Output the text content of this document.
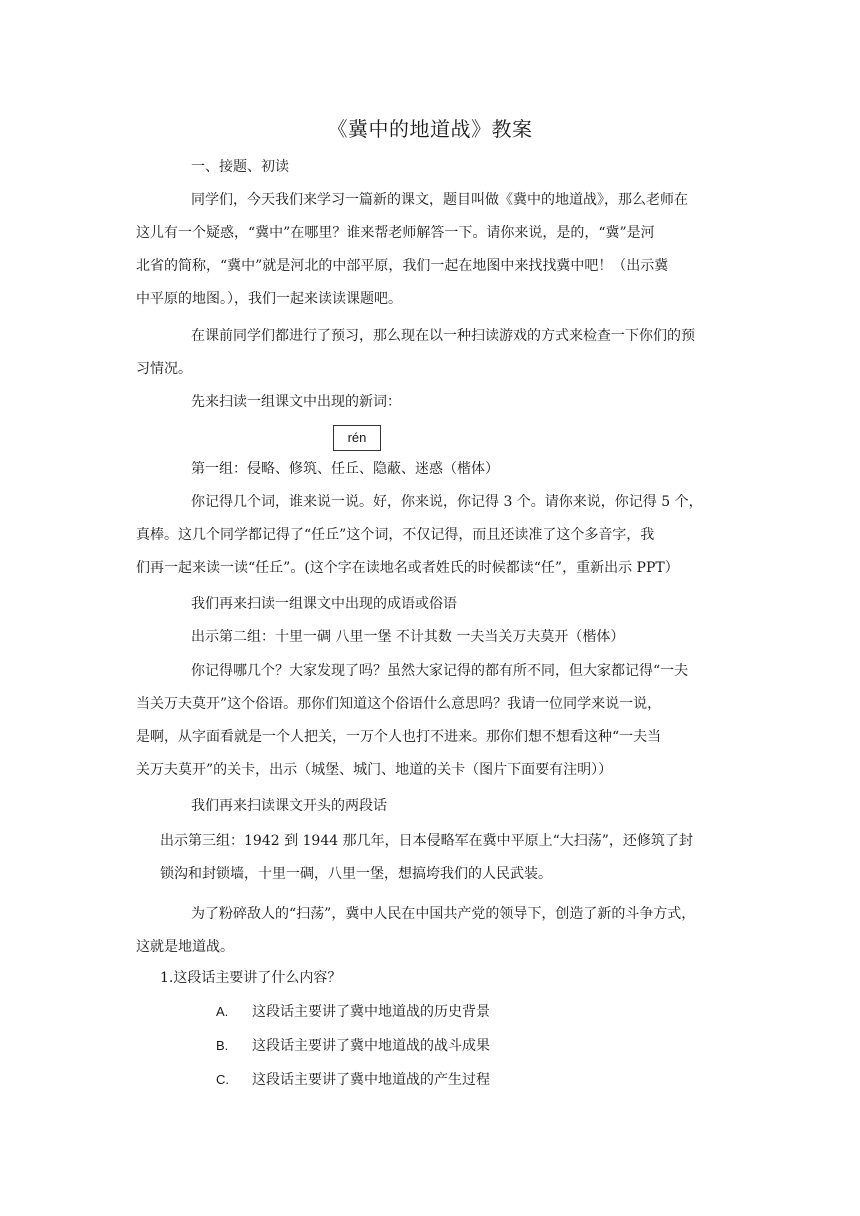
《冀中的地道战》教案
一、接题、初读
同学们，今天我们来学习一篇新的课文，题目叫做《冀中的地道战》，那么老师在
这儿有一个疑惑，“冀中”在哪里？谁来帮老师解答一下。请你来说，是的，“冀”是河
北省的简称，“冀中”就是河北的中部平原，我们一起在地图中来找找冀中吧！（出示冀
中平原的地图。），我们一起来读读课题吧。
在课前同学们都进行了预习，那么现在以一种扫读游戏的方式来检查一下你们的预
习情况。
先来扫读一组课文中出现的新词：
rén
第一组：侵略、修筑、任丘、隐蔽、迷惑（楷体）
你记得几个词，谁来说一说。好，你来说，你记得 3 个。请你来说，你记得 5 个，
真棒。这几个同学都记得了“任丘”这个词，不仅记得，而且还读准了这个多音字，我
们再一起来读一读“任丘”。(这个字在读地名或者姓氏的时候都读“任”，重新出示 PPT）
我们再来扫读一组课文中出现的成语或俗语
出示第二组：十里一碉 八里一堡 不计其数 一夫当关万夫莫开（楷体）
你记得哪几个？大家发现了吗？虽然大家记得的都有所不同，但大家都记得“一夫
当关万夫莫开”这个俗语。那你们知道这个俗语什么意思吗？我请一位同学来说一说，
是啊，从字面看就是一个人把关，一万个人也打不进来。那你们想不想看这种“一夫当
关万夫莫开”的关卡，出示（城堡、城门、地道的关卡（图片下面要有注明））
我们再来扫读课文开头的两段话
出示第三组：1942 到 1944 那几年，日本侵略军在冀中平原上“大扫荡”，还修筑了封
锁沟和封锁墙，十里一碉，八里一堡，想搞垮我们的人民武装。
为了粉碎敌人的“扫荡”，冀中人民在中国共产党的领导下，创造了新的斗争方式，
这就是地道战。
1.这段话主要讲了什么内容？
A. 这段话主要讲了冀中地道战的历史背景
B. 这段话主要讲了冀中地道战的战斗成果
C. 这段话主要讲了冀中地道战的产生过程
